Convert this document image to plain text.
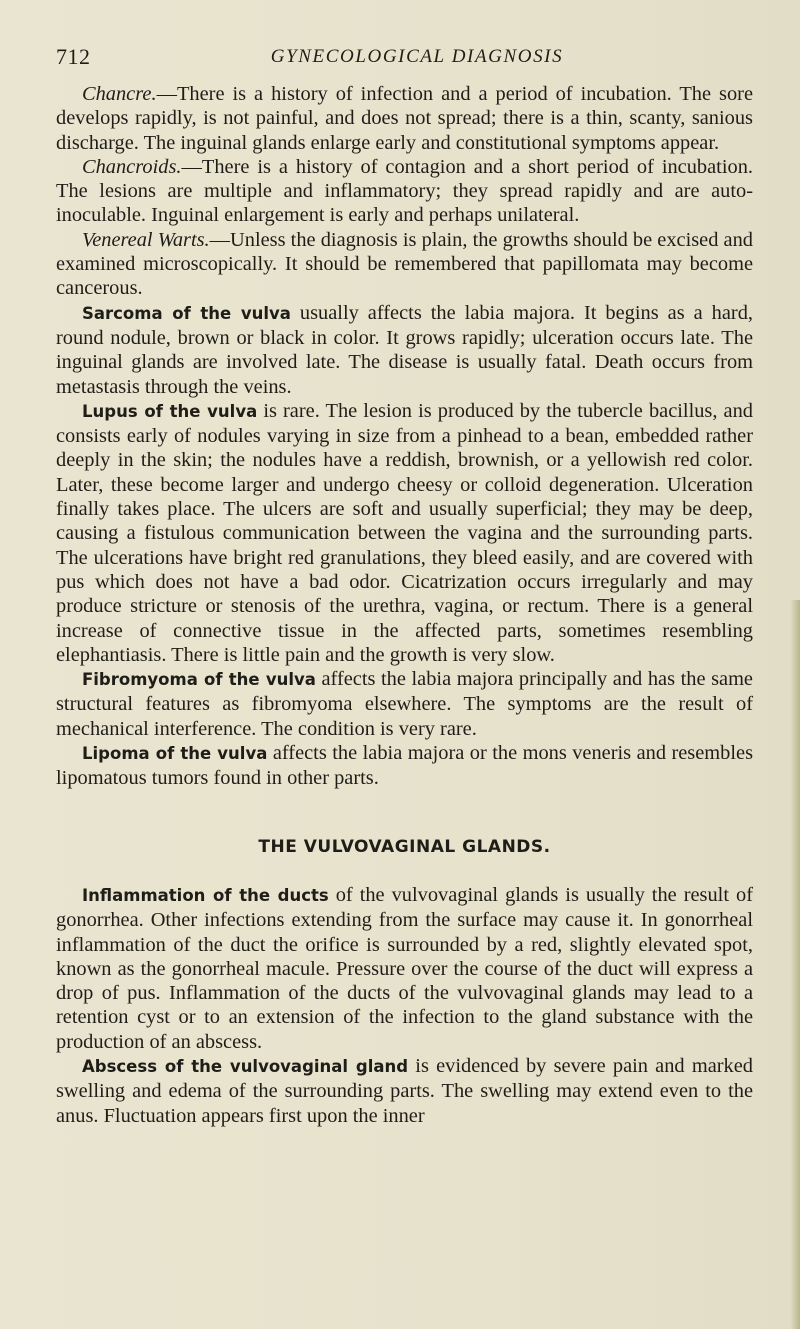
712	GYNECOLOGICAL DIAGNOSIS

Chancre.—There is a history of infection and a period of incubation. The sore develops rapidly, is not painful, and does not spread; there is a thin, scanty, sanious discharge. The inguinal glands enlarge early and constitutional symptoms appear.

Chancroids.—There is a history of contagion and a short period of incubation. The lesions are multiple and inflammatory; they spread rapidly and are auto-inoculable. Inguinal enlargement is early and perhaps unilateral.

Venereal Warts.—Unless the diagnosis is plain, the growths should be excised and examined microscopically. It should be remembered that papillomata may become cancerous.

Sarcoma of the vulva usually affects the labia majora. It begins as a hard, round nodule, brown or black in color. It grows rapidly; ulceration occurs late. The inguinal glands are involved late. The disease is usually fatal. Death occurs from metastasis through the veins.

Lupus of the vulva is rare. The lesion is produced by the tubercle bacillus, and consists early of nodules varying in size from a pinhead to a bean, embedded rather deeply in the skin; the nodules have a reddish, brownish, or a yellowish red color. Later, these become larger and undergo cheesy or colloid degeneration. Ulceration finally takes place. The ulcers are soft and usually superficial; they may be deep, causing a fistulous communication between the vagina and the surrounding parts. The ulcerations have bright red granulations, they bleed easily, and are covered with pus which does not have a bad odor. Cicatrization occurs irregularly and may produce stricture or stenosis of the urethra, vagina, or rectum. There is a general increase of connective tissue in the affected parts, sometimes resembling elephantiasis. There is little pain and the growth is very slow.

Fibromyoma of the vulva affects the labia majora principally and has the same structural features as fibromyoma elsewhere. The symptoms are the result of mechanical interference. The condition is very rare.

Lipoma of the vulva affects the labia majora or the mons veneris and resembles lipomatous tumors found in other parts.

THE VULVOVAGINAL GLANDS.

Inflammation of the ducts of the vulvovaginal glands is usually the result of gonorrhea. Other infections extending from the surface may cause it. In gonorrheal inflammation of the duct the orifice is surrounded by a red, slightly elevated spot, known as the gonorrheal macule. Pressure over the course of the duct will express a drop of pus. Inflammation of the ducts of the vulvovaginal glands may lead to a retention cyst or to an extension of the infection to the gland substance with the production of an abscess.

Abscess of the vulvovaginal gland is evidenced by severe pain and marked swelling and edema of the surrounding parts. The swelling may extend even to the anus. Fluctuation appears first upon the inner
